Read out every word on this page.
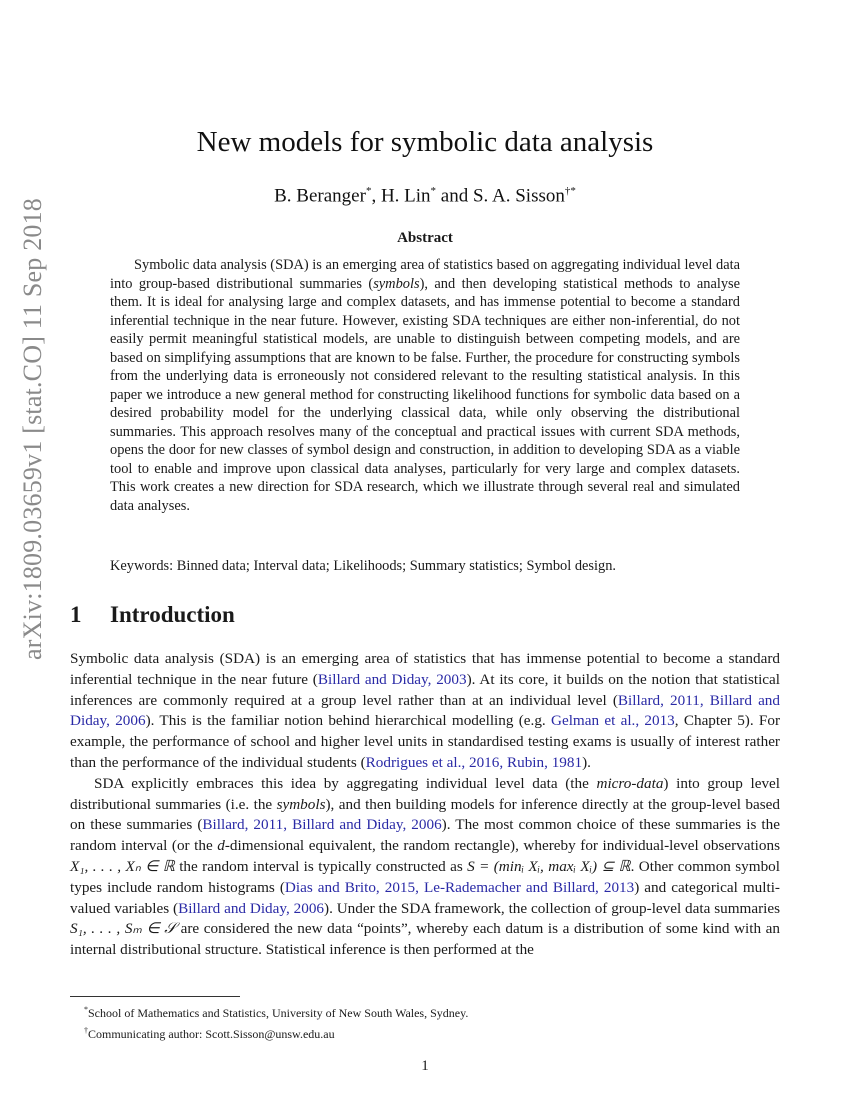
arXiv:1809.03659v1 [stat.CO] 11 Sep 2018
New models for symbolic data analysis
B. Beranger*, H. Lin* and S. A. Sisson†*
Abstract

Symbolic data analysis (SDA) is an emerging area of statistics based on aggregating individual level data into group-based distributional summaries (symbols), and then developing statistical methods to analyse them. It is ideal for analysing large and complex datasets, and has immense potential to become a standard inferential technique in the near future. However, existing SDA techniques are either non-inferential, do not easily permit meaningful statistical models, are unable to distinguish between competing models, and are based on simplifying assumptions that are known to be false. Further, the procedure for constructing symbols from the underlying data is erroneously not considered relevant to the resulting statistical analysis. In this paper we introduce a new general method for constructing likelihood functions for symbolic data based on a desired probability model for the underlying classical data, while only observing the distributional summaries. This approach resolves many of the conceptual and practical issues with current SDA methods, opens the door for new classes of symbol design and construction, in addition to developing SDA as a viable tool to enable and improve upon classical data analyses, particularly for very large and complex datasets. This work creates a new direction for SDA research, which we illustrate through several real and simulated data analyses.

Keywords: Binned data; Interval data; Likelihoods; Summary statistics; Symbol design.
1 Introduction

Symbolic data analysis (SDA) is an emerging area of statistics that has immense potential to become a standard inferential technique in the near future (Billard and Diday, 2003). At its core, it builds on the notion that statistical inferences are commonly required at a group level rather than at an individual level (Billard, 2011, Billard and Diday, 2006). This is the familiar notion behind hierarchical modelling (e.g. Gelman et al., 2013, Chapter 5). For example, the performance of school and higher level units in standardised testing exams is usually of interest rather than the performance of the individual students (Rodrigues et al., 2016, Rubin, 1981).

SDA explicitly embraces this idea by aggregating individual level data (the micro-data) into group level distributional summaries (i.e. the symbols), and then building models for inference directly at the group-level based on these summaries (Billard, 2011, Billard and Diday, 2006). The most common choice of these summaries is the random interval (or the d-dimensional equivalent, the random rectangle), whereby for individual-level observations X₁, . . . , Xₙ ∈ ℝ the random interval is typically constructed as S = (minᵢ Xᵢ, maxᵢ Xᵢ) ⊆ ℝ. Other common symbol types include random histograms (Dias and Brito, 2015, Le-Rademacher and Billard, 2013) and categorical multi-valued variables (Billard and Diday, 2006). Under the SDA framework, the collection of group-level data summaries S₁, . . . , Sₘ ∈ 𝒮 are considered the new data “points”, whereby each datum is a distribution of some kind with an internal distributional structure. Statistical inference is then performed at the

*School of Mathematics and Statistics, University of New South Wales, Sydney.
†Communicating author: Scott.Sisson@unsw.edu.au
1
